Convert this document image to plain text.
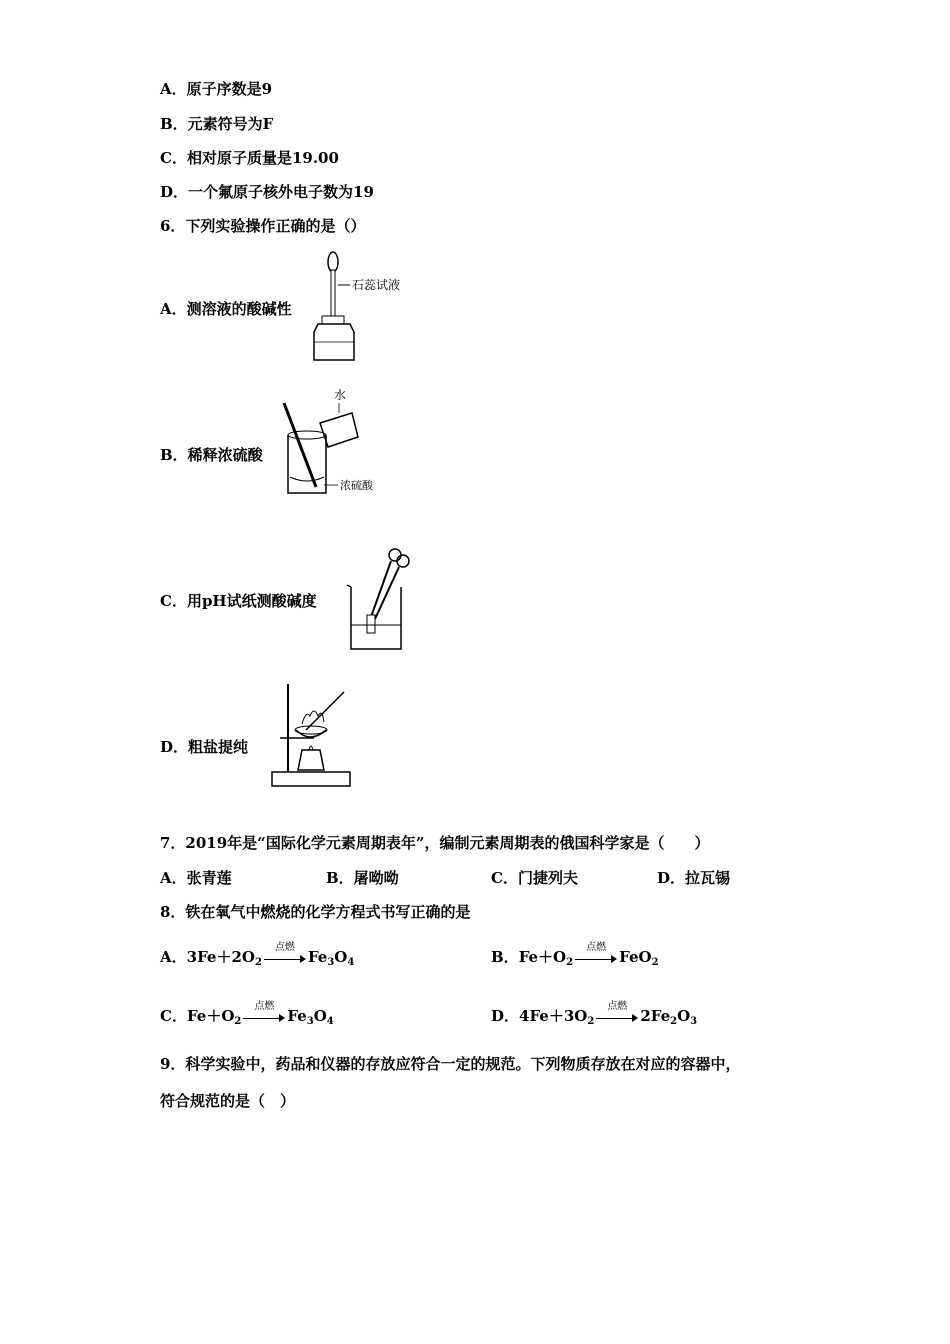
A．原子序数是9
B．元素符号为F
C．相对原子质量是19.00
D．一个氟原子核外电子数为19
6．下列实验操作正确的是（）
A．测溶液的酸碱性
石蕊试液
B．稀释浓硫酸
水
浓硫酸
C．用pH试纸测酸碱度
D．粗盐提纯
7．2019年是“国际化学元素周期表年”，编制元素周期表的俄国科学家是（　　）
A．张青莲	B．屠呦呦	C．门捷列夫	D．拉瓦锡
8．铁在氧气中燃烧的化学方程式书写正确的是
A．$3Fe+2O_2$
点燃
$Fe_3O_4$	B．$Fe+O_2$
点燃
FeO$_2$
C．$Fe+O_2$
点燃
$Fe_3O_4$	D．$4Fe+3O_2$
点燃
$2Fe_2O_3$
9．科学实验中，药品和仪器的存放应符合一定的规范。下列物质存放在对应的容器中，
符合规范的是（　）
